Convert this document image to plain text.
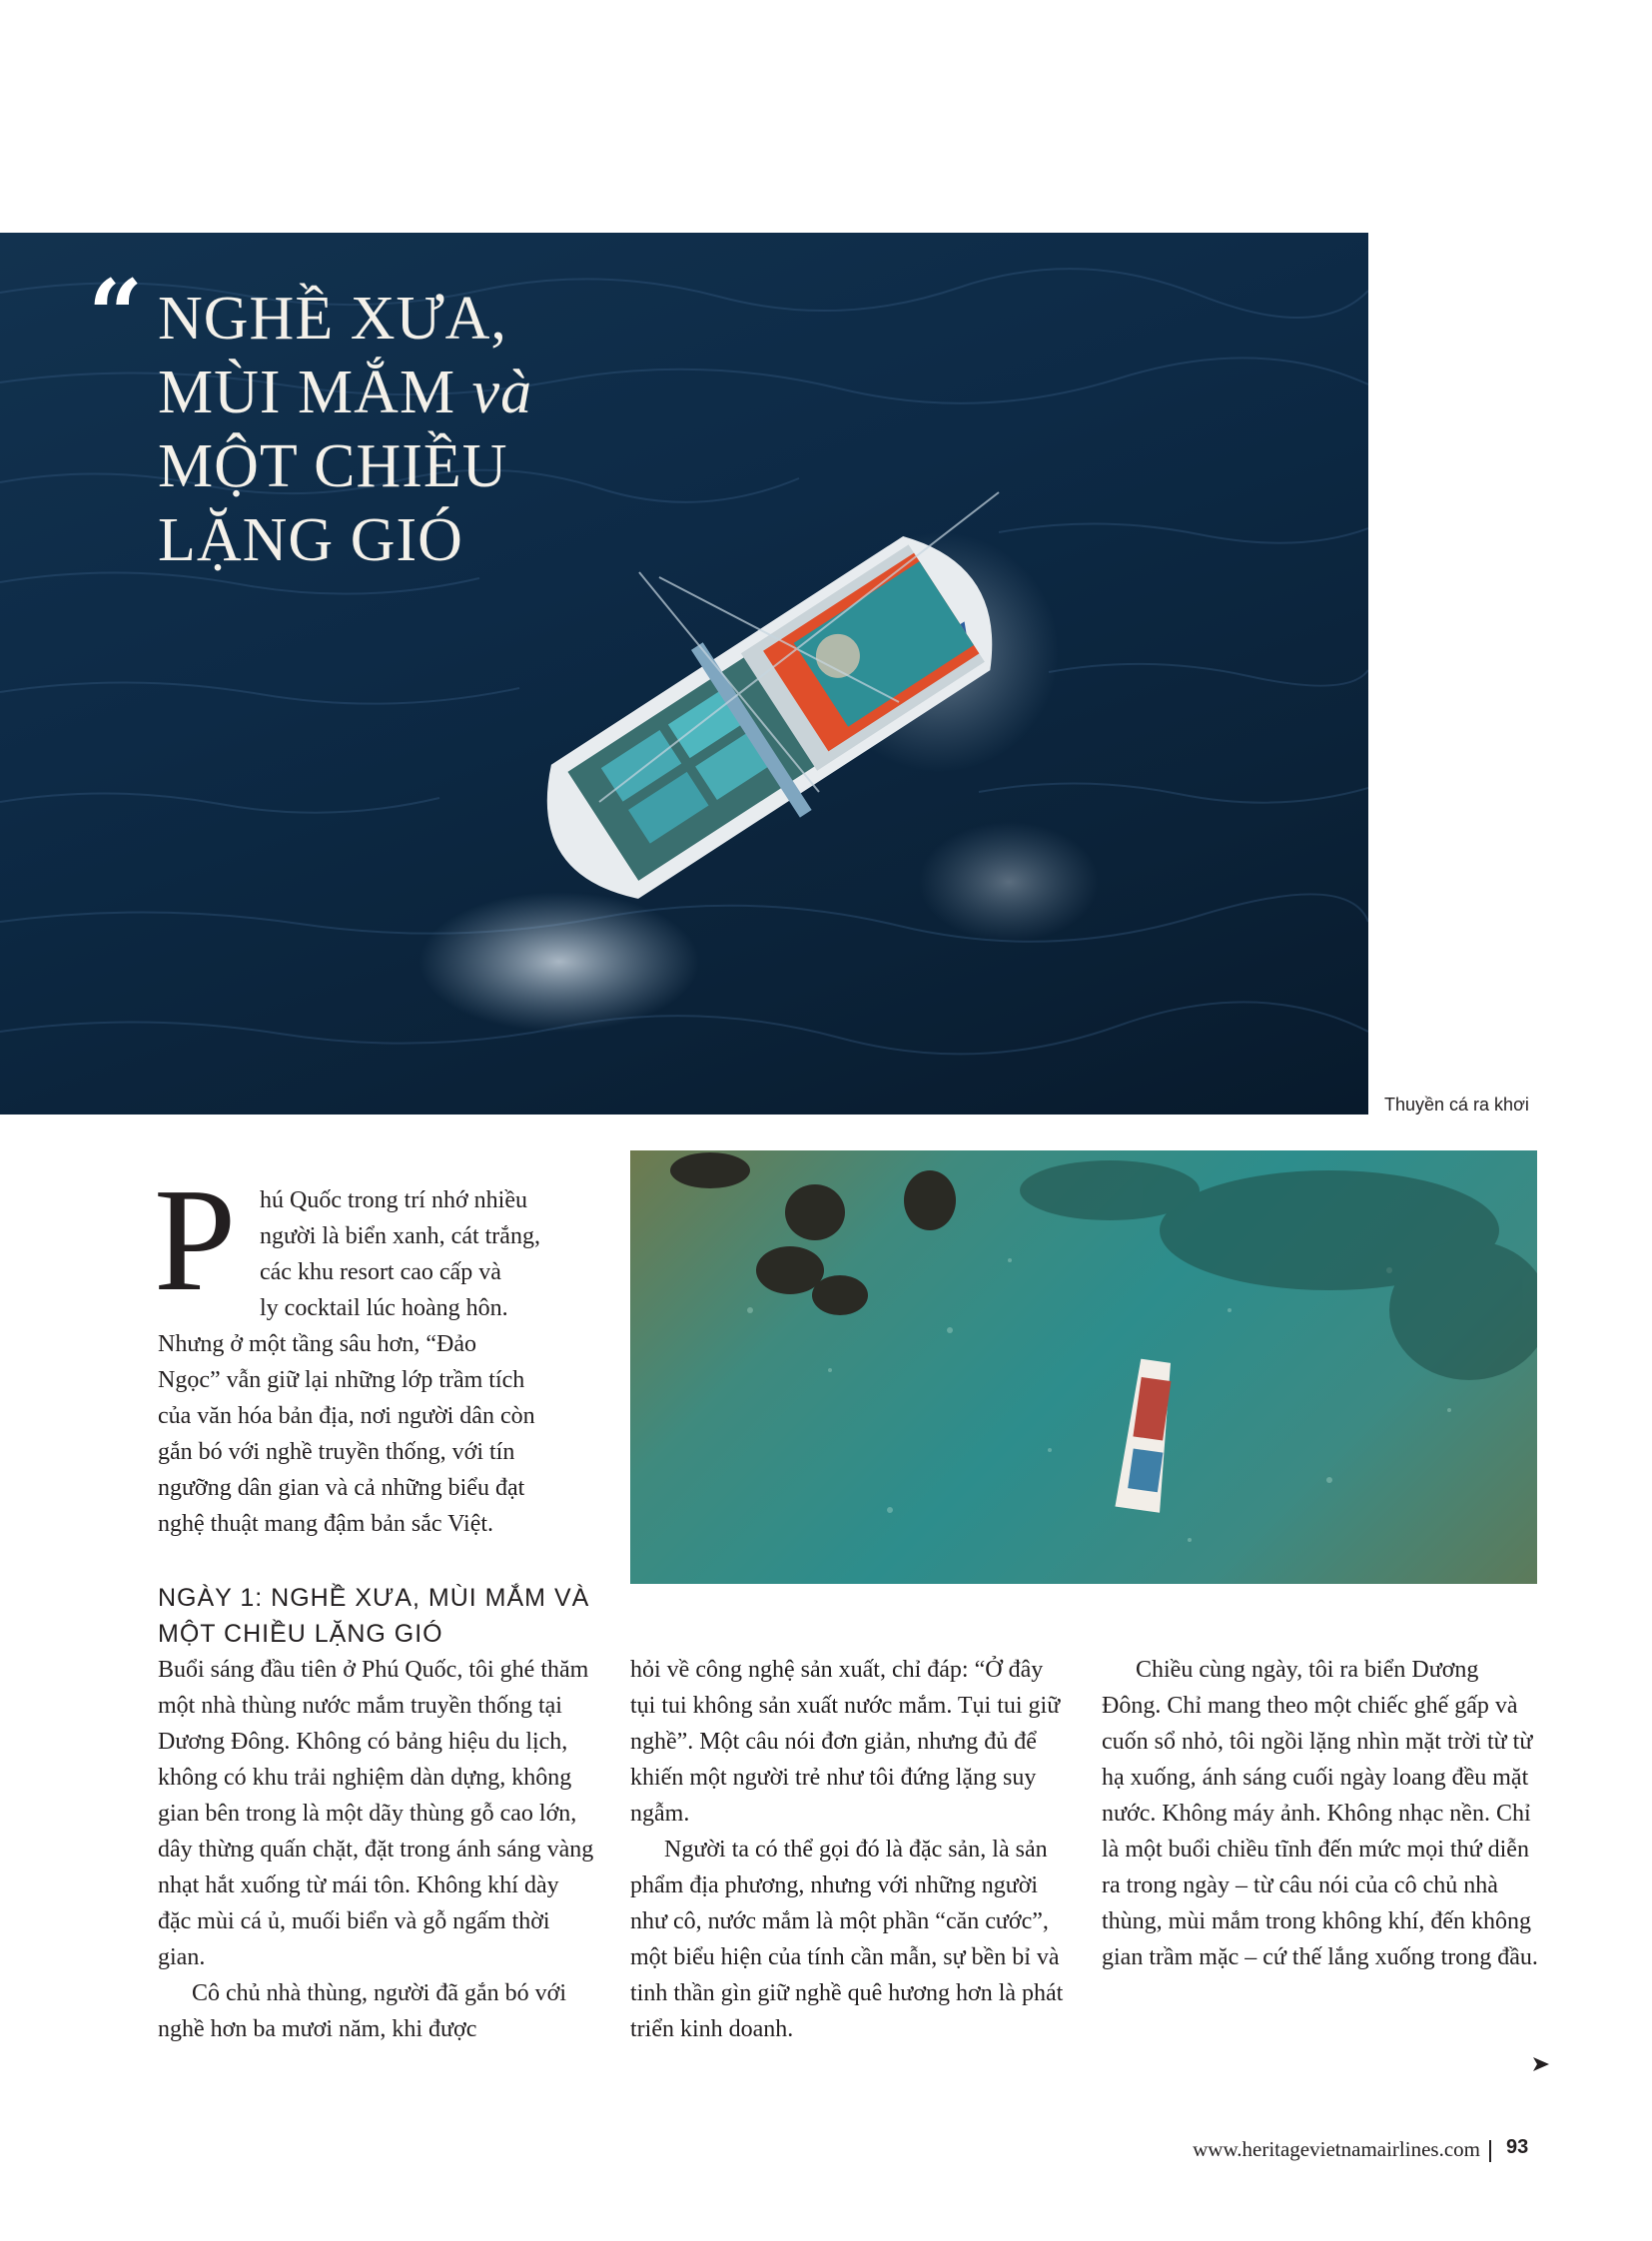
“ NGHỀ XƯA,
MÙI MẮM và
MỘT CHIỀU
LẶNG GIÓ
Thuyền cá ra khơi
P hú Quốc trong trí nhớ nhiều
người là biển xanh, cát trắng,
các khu resort cao cấp và
ly cocktail lúc hoàng hôn.
Nhưng ở một tầng sâu hơn, “Đảo
Ngọc” vẫn giữ lại những lớp trầm tích
của văn hóa bản địa, nơi người dân còn
gắn bó với nghề truyền thống, với tín
ngưỡng dân gian và cả những biểu đạt
nghệ thuật mang đậm bản sắc Việt.
NGÀY 1: NGHỀ XƯA, MÙI MẮM VÀ
MỘT CHIỀU LẶNG GIÓ

Buổi sáng đầu tiên ở Phú Quốc, tôi ghé thăm một nhà thùng nước mắm truyền thống tại Dương Đông. Không có bảng hiệu du lịch, không có khu trải nghiệm dàn dựng, không gian bên trong là một dãy thùng gỗ cao lớn, dây thừng quấn chặt, đặt trong ánh sáng vàng nhạt hắt xuống từ mái tôn. Không khí dày đặc mùi cá ủ, muối biển và gỗ ngấm thời gian.

Cô chủ nhà thùng, người đã gắn bó với nghề hơn ba mươi năm, khi được

hỏi về công nghệ sản xuất, chỉ đáp: “Ở đây tụi tui không sản xuất nước mắm. Tụi tui giữ nghề”. Một câu nói đơn giản, nhưng đủ để khiến một người trẻ như tôi đứng lặng suy ngẫm.

Người ta có thể gọi đó là đặc sản, là sản phẩm địa phương, nhưng với những người như cô, nước mắm là một phần “căn cước”, một biểu hiện của tính cần mẫn, sự bền bỉ và tinh thần gìn giữ nghề quê hương hơn là phát triển kinh doanh.

Chiều cùng ngày, tôi ra biển Dương Đông. Chỉ mang theo một chiếc ghế gấp và cuốn sổ nhỏ, tôi ngồi lặng nhìn mặt trời từ từ hạ xuống, ánh sáng cuối ngày loang đều mặt nước. Không máy ảnh. Không nhạc nền. Chỉ là một buổi chiều tĩnh đến mức mọi thứ diễn ra trong ngày – từ câu nói của cô chủ nhà thùng, mùi mắm trong không khí, đến không gian trầm mặc – cứ thế lắng xuống trong đầu.

www.heritagevietnamairlines.com 93
